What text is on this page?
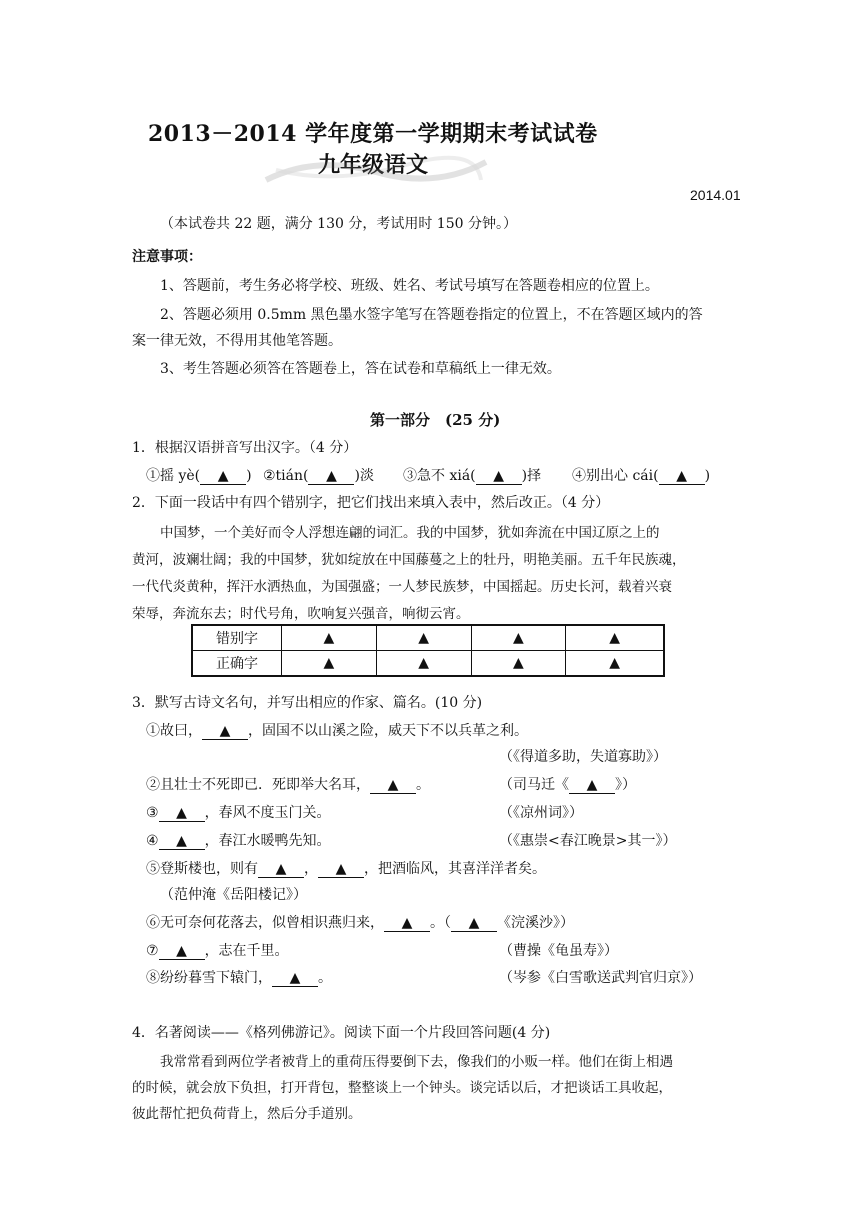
2013－2014 学年度第一学期期末考试试卷
九年级语文
2014.01
（本试卷共 22 题，满分 130 分，考试用时 150 分钟。）
注意事项：
1、答题前，考生务必将学校、班级、姓名、考试号填写在答题卷相应的位置上。
2、答题必须用 0.5mm 黑色墨水签字笔写在答题卷指定的位置上，不在答题区域内的答
案一律无效，不得用其他笔答题。
3、考生答题必须答在答题卷上，答在试卷和草稿纸上一律无效。
第一部分　(25 分)
1．根据汉语拼音写出汉字。（4 分）
①摇 yè( ▲ ) ②tián( ▲ )淡 ③急不 xiá( ▲ )择 ④别出心 cái( ▲ )
2．下面一段话中有四个错别字，把它们找出来填入表中，然后改正。（4 分）
中国梦，一个美好而令人浮想连翩的词汇。我的中国梦，犹如奔流在中国辽原之上的
黄河，波斓壮阔；我的中国梦，犹如绽放在中国藤蔓之上的牡丹，明艳美丽。五千年民族魂，
一代代炎黄种，挥汗水洒热血，为国强盛；一人梦民族梦，中国摇起。历史长河，载着兴衰
荣辱，奔流东去；时代号角，吹响复兴强音，响彻云宵。
错别字	▲	▲	▲	▲
正确字	▲	▲	▲	▲
3．默写古诗文名句，并写出相应的作家、篇名。(10 分)
①故曰， ▲ ，固国不以山溪之险，威天下不以兵革之利。
（《得道多助，失道寡助》）
②且壮士不死即已．死即举大名耳， ▲ 。	（司马迁《 ▲ 》）
③ ▲ ，春风不度玉门关。	（《凉州词》）
④ ▲ ，春江水暖鸭先知。	（《惠崇<春江晚景>其一》）
⑤登斯楼也，则有 ▲ ， ▲ ，把酒临风，其喜洋洋者矣。
（范仲淹《岳阳楼记》）
⑥无可奈何花落去，似曾相识燕归来， ▲ 。（ ▲ 《浣溪沙》）
⑦ ▲ ，志在千里。	（曹操《龟虽寿》）
⑧纷纷暮雪下辕门， ▲ 。	（岑参《白雪歌送武判官归京》）
4．名著阅读——《格列佛游记》。阅读下面一个片段回答问题(4 分)
我常常看到两位学者被背上的重荷压得要倒下去，像我们的小贩一样。他们在街上相遇
的时候，就会放下负担，打开背包，整整谈上一个钟头。谈完话以后，才把谈话工具收起，
彼此帮忙把负荷背上，然后分手道别。
